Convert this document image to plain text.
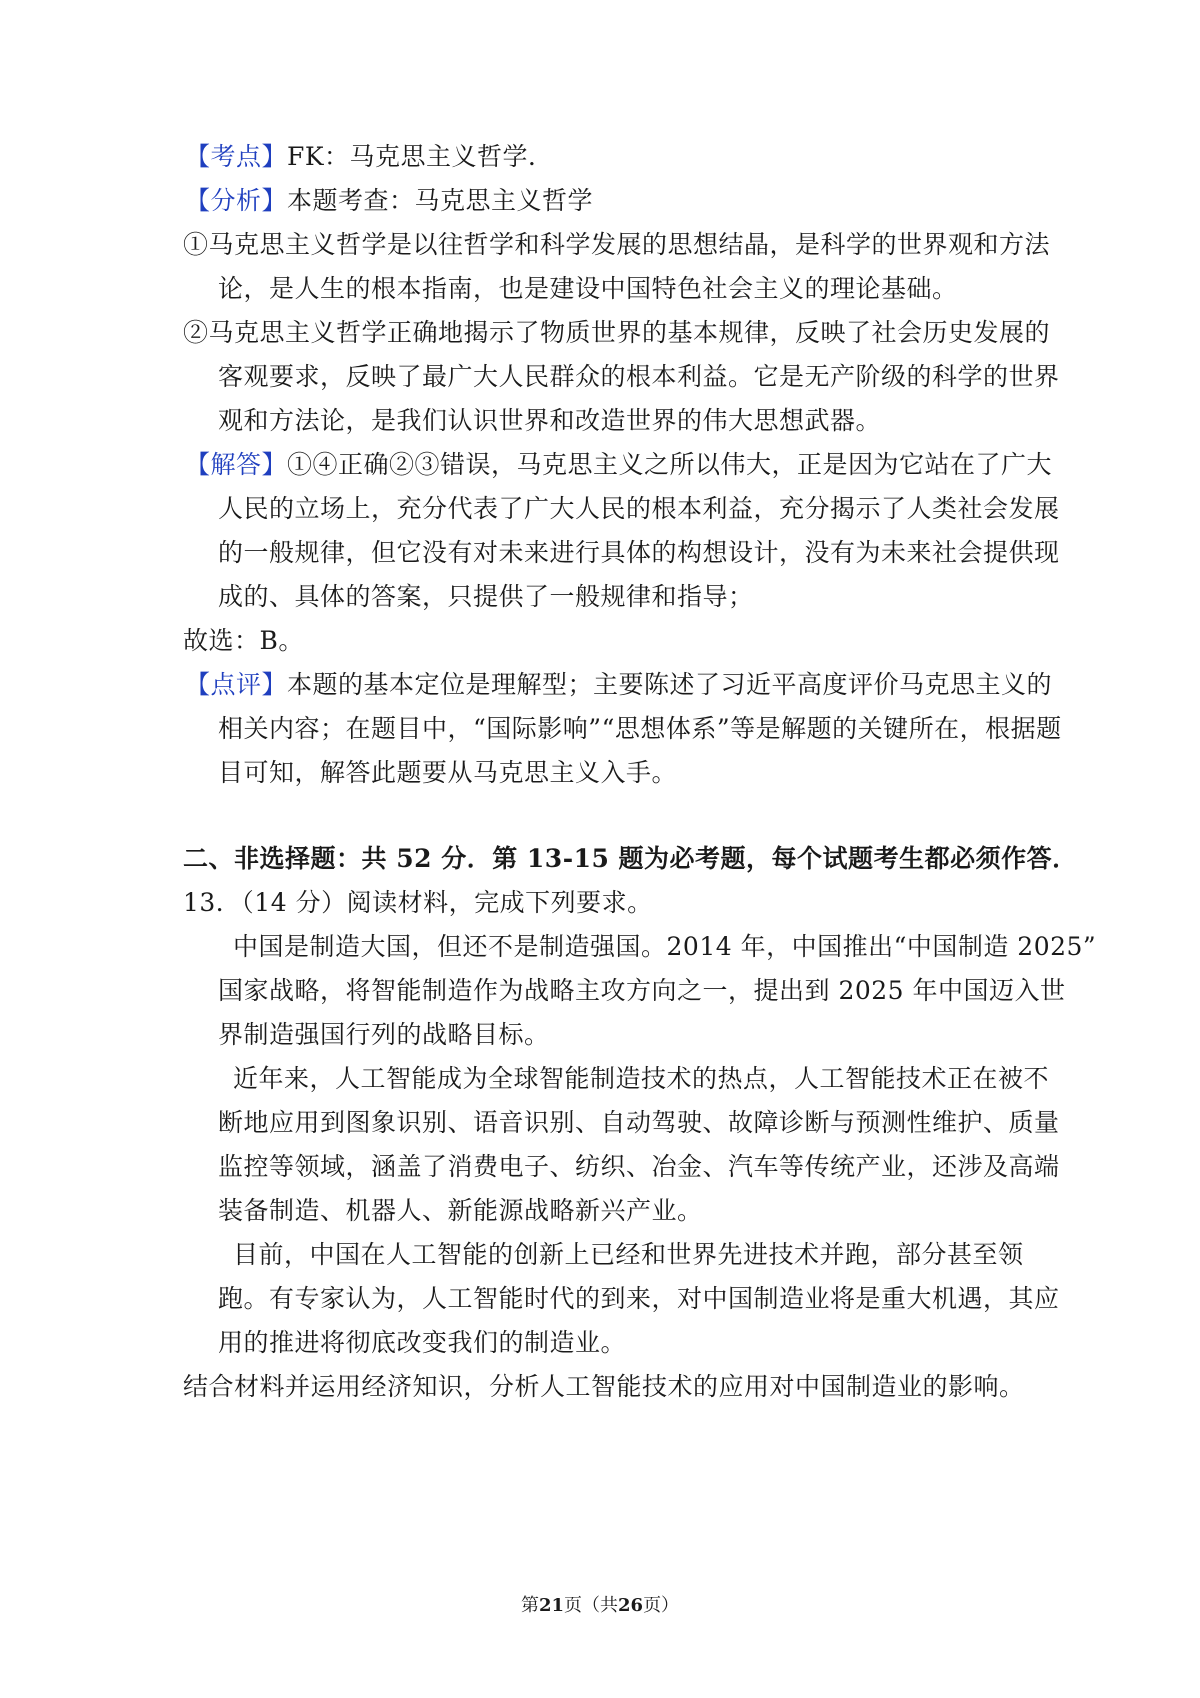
【考点】FK：马克思主义哲学．
【分析】本题考查：马克思主义哲学
①马克思主义哲学是以往哲学和科学发展的思想结晶，是科学的世界观和方法
论，是人生的根本指南，也是建设中国特色社会主义的理论基础。
②马克思主义哲学正确地揭示了物质世界的基本规律，反映了社会历史发展的
客观要求，反映了最广大人民群众的根本利益。它是无产阶级的科学的世界
观和方法论，是我们认识世界和改造世界的伟大思想武器。
【解答】①④正确②③错误，马克思主义之所以伟大，正是因为它站在了广大
人民的立场上，充分代表了广大人民的根本利益，充分揭示了人类社会发展
的一般规律，但它没有对未来进行具体的构想设计，没有为未来社会提供现
成的、具体的答案，只提供了一般规律和指导；
故选：B。
【点评】本题的基本定位是理解型；主要陈述了习近平高度评价马克思主义的
相关内容；在题目中，“国际影响”“思想体系”等是解题的关键所在，根据题
目可知，解答此题要从马克思主义入手。
二、非选择题：共 52 分．第 13-15 题为必考题，每个试题考生都必须作答．
13．（14 分）阅读材料，完成下列要求。
中国是制造大国，但还不是制造强国。2014 年，中国推出“中国制造 2025”
国家战略，将智能制造作为战略主攻方向之一，提出到 2025 年中国迈入世
界制造强国行列的战略目标。
近年来，人工智能成为全球智能制造技术的热点，人工智能技术正在被不
断地应用到图象识别、语音识别、自动驾驶、故障诊断与预测性维护、质量
监控等领域，涵盖了消费电子、纺织、冶金、汽车等传统产业，还涉及高端
装备制造、机器人、新能源战略新兴产业。
目前，中国在人工智能的创新上已经和世界先进技术并跑，部分甚至领
跑。有专家认为，人工智能时代的到来，对中国制造业将是重大机遇，其应
用的推进将彻底改变我们的制造业。
结合材料并运用经济知识，分析人工智能技术的应用对中国制造业的影响。
第21页（共26页）
